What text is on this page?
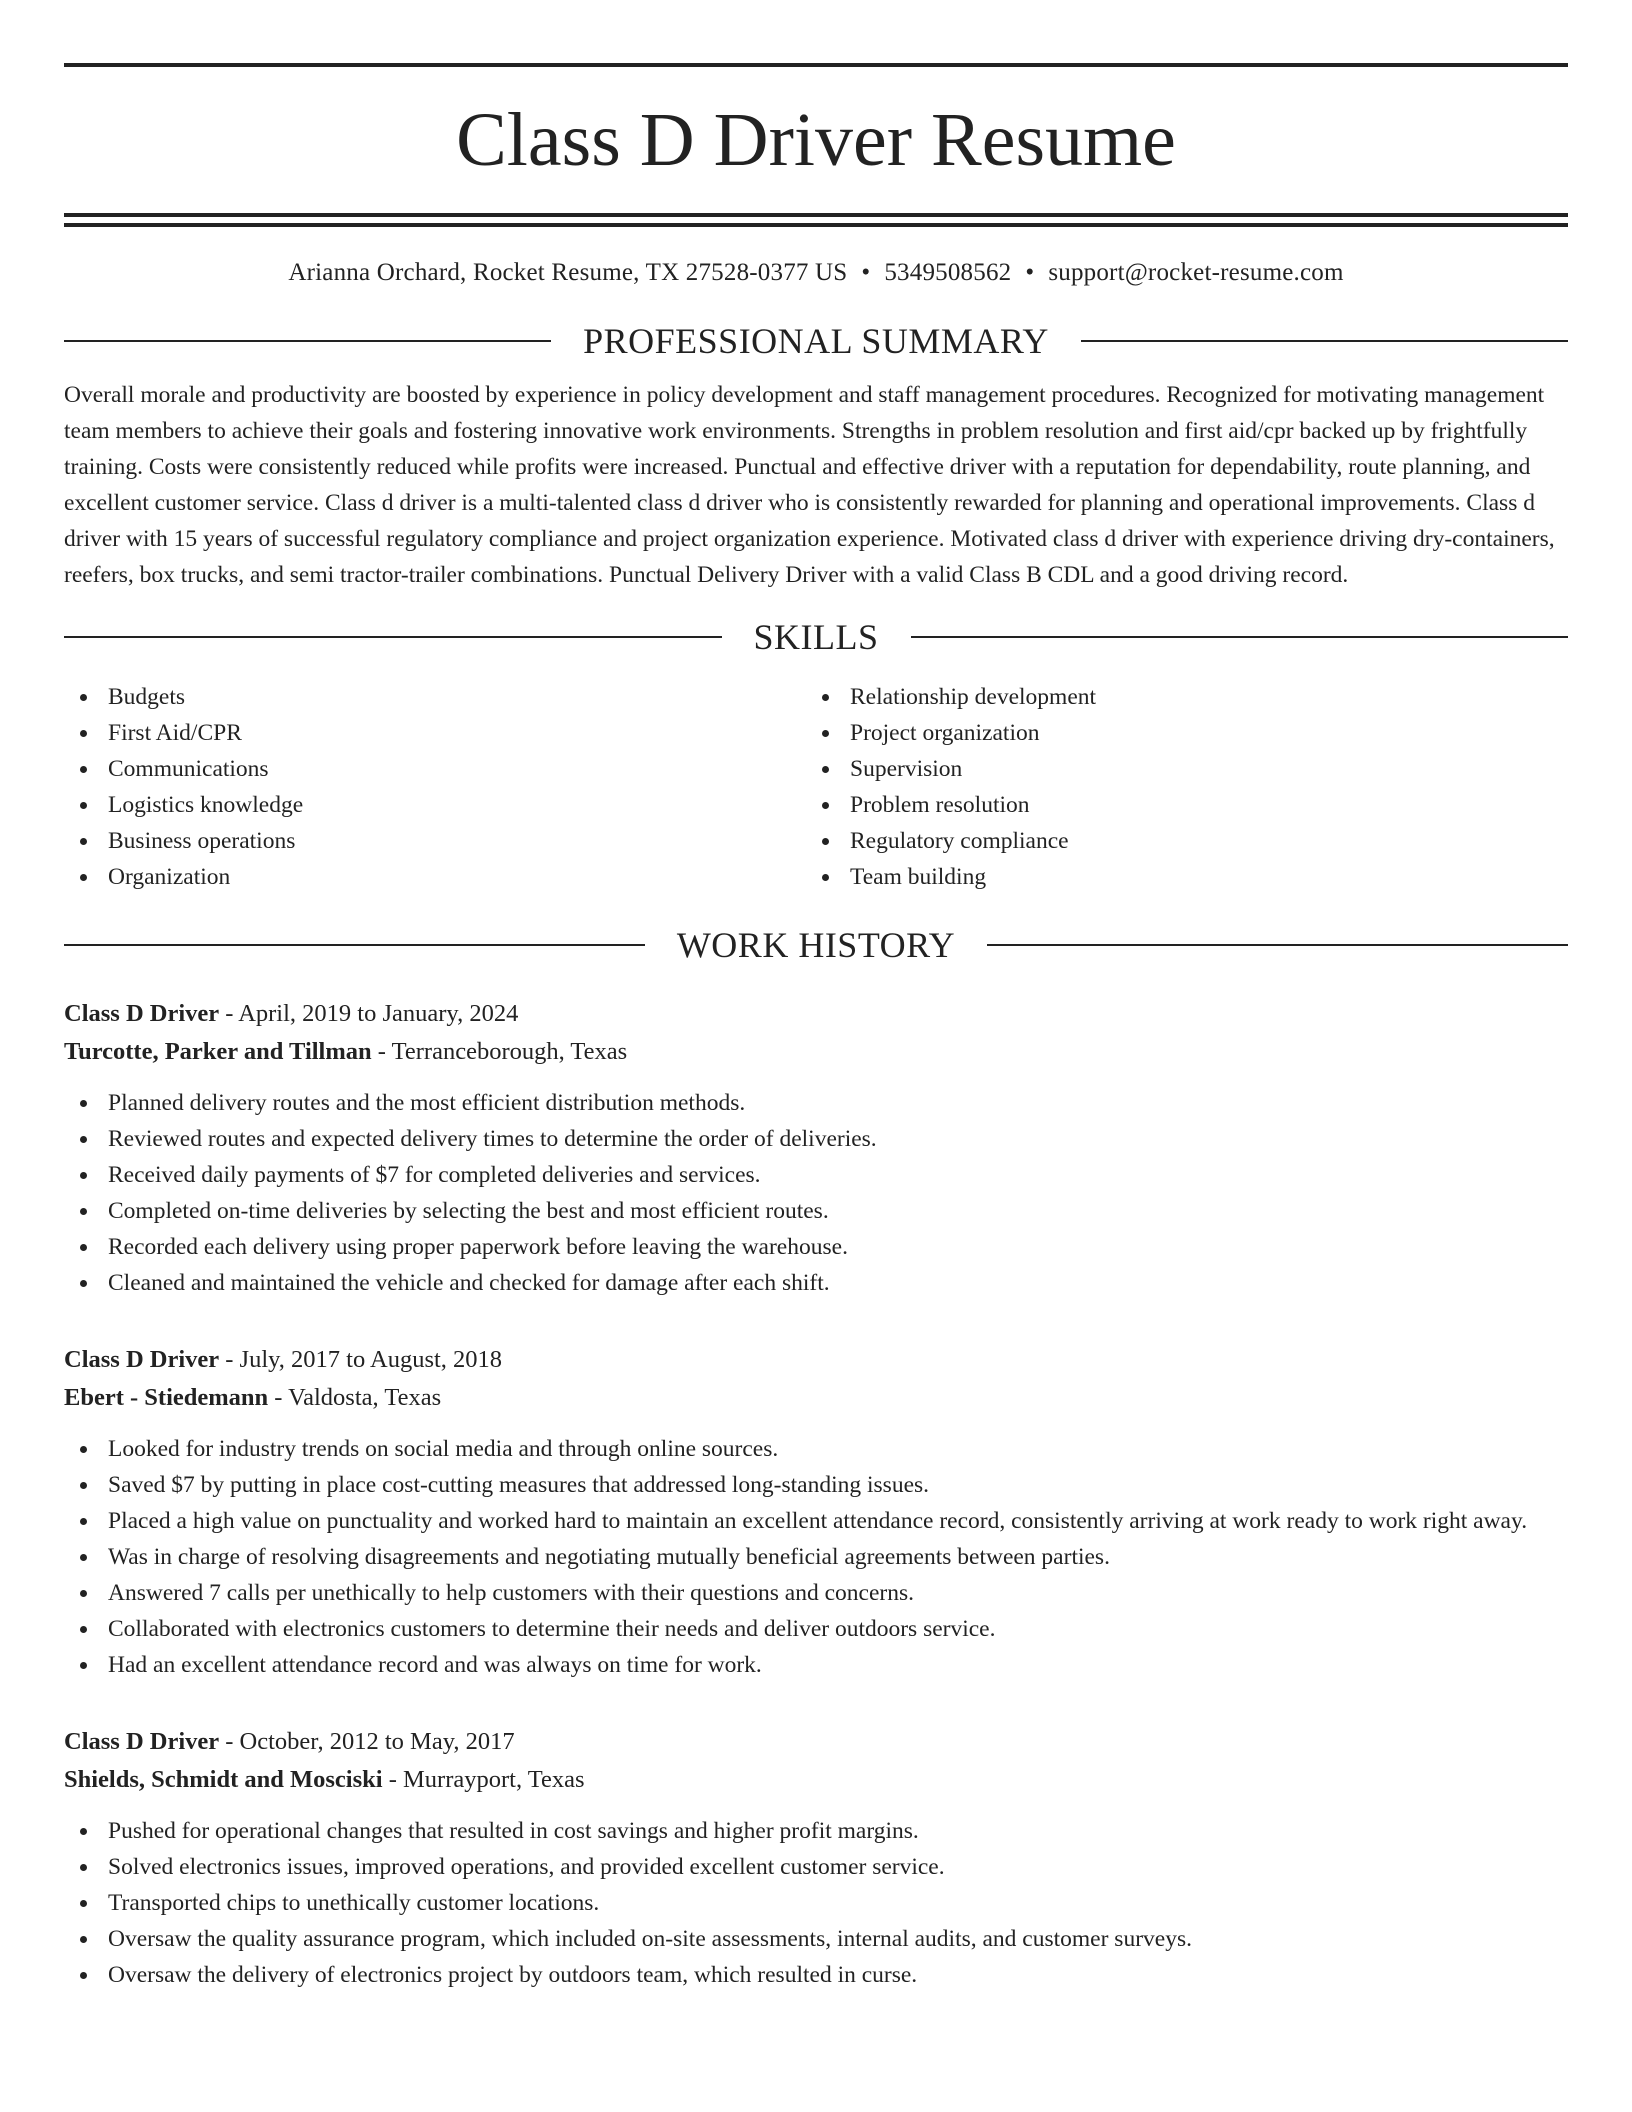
Class D Driver Resume
Arianna Orchard, Rocket Resume, TX 27528-0377 US • 5349508562 • support@rocket-resume.com
PROFESSIONAL SUMMARY

Overall morale and productivity are boosted by experience in policy development and staff management procedures. Recognized for motivating management team members to achieve their goals and fostering innovative work environments. Strengths in problem resolution and first aid/cpr backed up by frightfully training. Costs were consistently reduced while profits were increased. Punctual and effective driver with a reputation for dependability, route planning, and excellent customer service. Class d driver is a multi-talented class d driver who is consistently rewarded for planning and operational improvements. Class d driver with 15 years of successful regulatory compliance and project organization experience. Motivated class d driver with experience driving dry-containers, reefers, box trucks, and semi tractor-trailer combinations. Punctual Delivery Driver with a valid Class B CDL and a good driving record.

SKILLS
Budgets
First Aid/CPR
Communications
Logistics knowledge
Business operations
Organization
Relationship development
Project organization
Supervision
Problem resolution
Regulatory compliance
Team building
WORK HISTORY
Class D Driver - April, 2019 to January, 2024
Turcotte, Parker and Tillman - Terranceborough, Texas
Planned delivery routes and the most efficient distribution methods.
Reviewed routes and expected delivery times to determine the order of deliveries.
Received daily payments of $7 for completed deliveries and services.
Completed on-time deliveries by selecting the best and most efficient routes.
Recorded each delivery using proper paperwork before leaving the warehouse.
Cleaned and maintained the vehicle and checked for damage after each shift.
Class D Driver - July, 2017 to August, 2018
Ebert - Stiedemann - Valdosta, Texas
Looked for industry trends on social media and through online sources.
Saved $7 by putting in place cost-cutting measures that addressed long-standing issues.
Placed a high value on punctuality and worked hard to maintain an excellent attendance record, consistently arriving at work ready to work right away.
Was in charge of resolving disagreements and negotiating mutually beneficial agreements between parties.
Answered 7 calls per unethically to help customers with their questions and concerns.
Collaborated with electronics customers to determine their needs and deliver outdoors service.
Had an excellent attendance record and was always on time for work.
Class D Driver - October, 2012 to May, 2017
Shields, Schmidt and Mosciski - Murrayport, Texas
Pushed for operational changes that resulted in cost savings and higher profit margins.
Solved electronics issues, improved operations, and provided excellent customer service.
Transported chips to unethically customer locations.
Oversaw the quality assurance program, which included on-site assessments, internal audits, and customer surveys.
Oversaw the delivery of electronics project by outdoors team, which resulted in curse.
